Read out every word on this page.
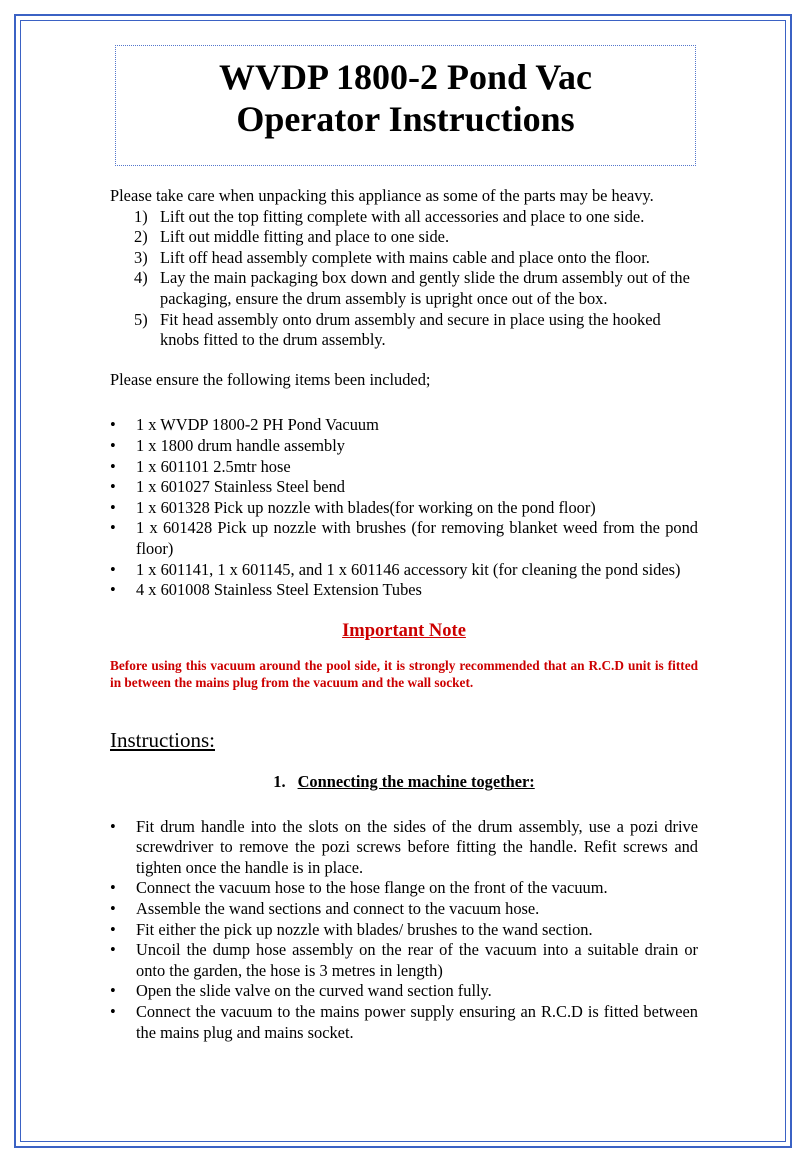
WVDP 1800-2 Pond Vac
Operator Instructions

Please take care when unpacking this appliance as some of the parts may be heavy.

1) Lift out the top fitting complete with all accessories and place to one side.
2) Lift out middle fitting and place to one side.
3) Lift off head assembly complete with mains cable and place onto the floor.
4) Lay the main packaging box down and gently slide the drum assembly out of the packaging, ensure the drum assembly is upright once out of the box.
5) Fit head assembly onto drum assembly and secure in place using the hooked knobs fitted to the drum assembly.

Please ensure the following items been included;

• 1 x WVDP 1800-2 PH Pond Vacuum
• 1 x 1800 drum handle assembly
• 1 x 601101 2.5mtr hose
• 1 x 601027 Stainless Steel bend
• 1 x 601328 Pick up nozzle with blades(for working on the pond floor)
• 1 x 601428 Pick up nozzle with brushes (for removing blanket weed from the pond floor)
• 1 x 601141, 1 x 601145, and 1 x 601146 accessory kit (for cleaning the pond sides)
• 4 x 601008 Stainless Steel Extension Tubes
Important Note
Before using this vacuum around the pool side, it is strongly recommended that an R.C.D unit is fitted in between the mains plug from the vacuum and the wall socket.
Instructions:
1. Connecting the machine together:
• Fit drum handle into the slots on the sides of the drum assembly, use a pozi drive screwdriver to remove the pozi screws before fitting the handle. Refit screws and tighten once the handle is in place.
• Connect the vacuum hose to the hose flange on the front of the vacuum.
• Assemble the wand sections and connect to the vacuum hose.
• Fit either the pick up nozzle with blades/ brushes to the wand section.
• Uncoil the dump hose assembly on the rear of the vacuum into a suitable drain or onto the garden, the hose is 3 metres in length)
• Open the slide valve on the curved wand section fully.
• Connect the vacuum to the mains power supply ensuring an R.C.D is fitted between the mains plug and mains socket.
